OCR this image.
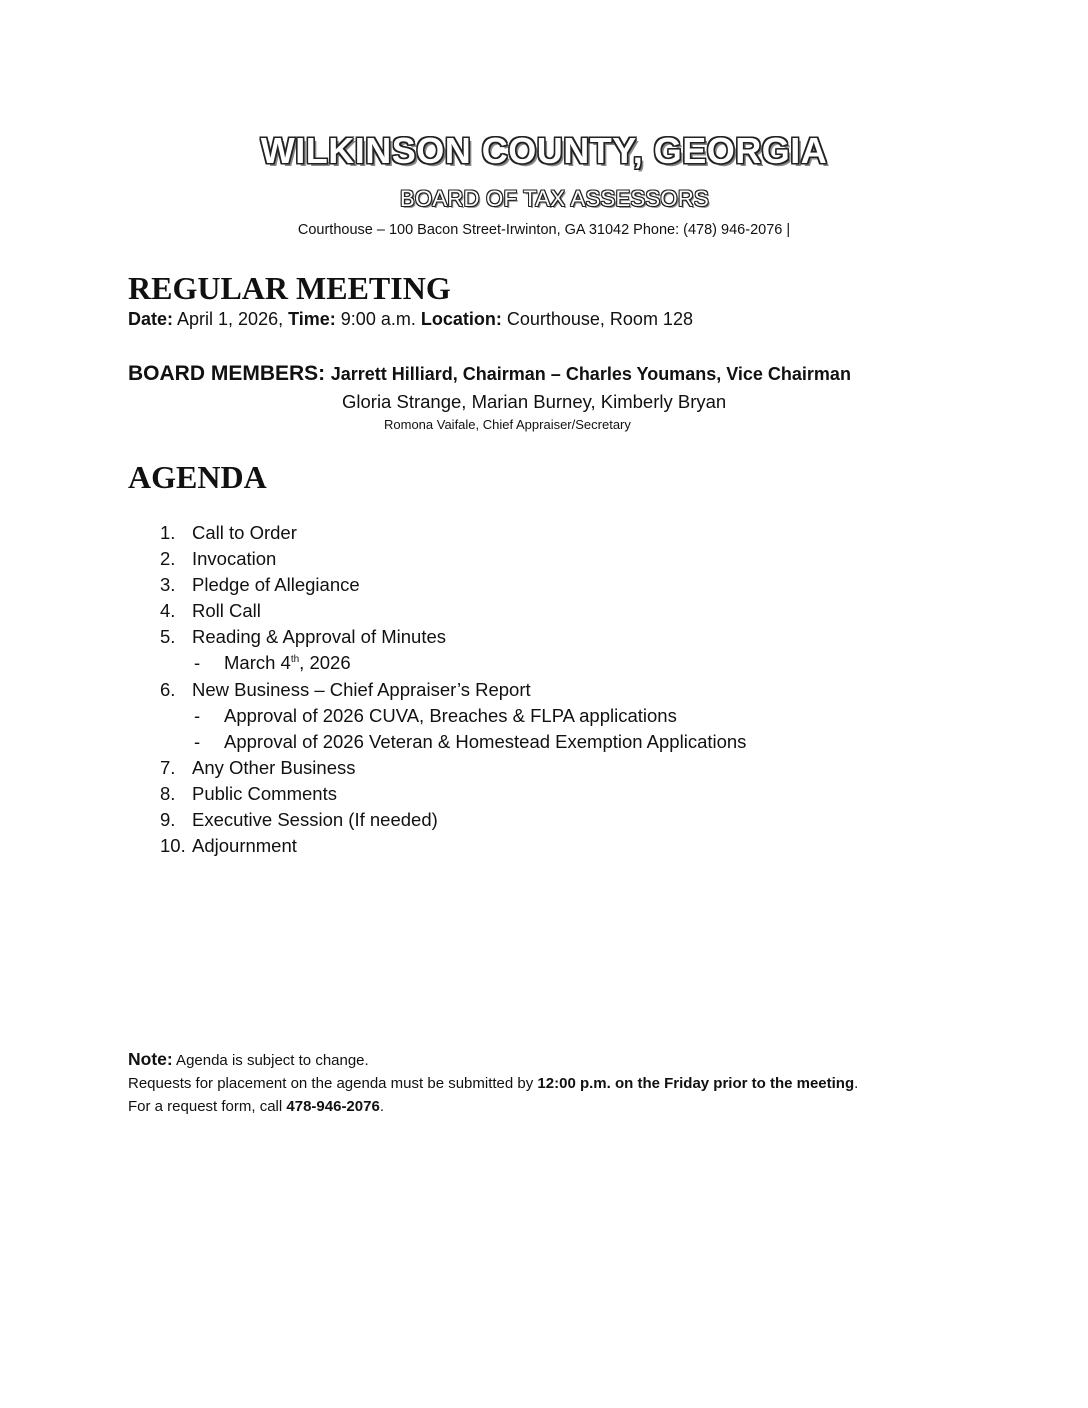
WILKINSON COUNTY, GEORGIA
BOARD OF TAX ASSESSORS
Courthouse – 100 Bacon Street-Irwinton, GA 31042 Phone: (478) 946-2076 |
REGULAR MEETING
Date: April 1, 2026, Time: 9:00 a.m. Location: Courthouse, Room 128
BOARD MEMBERS: Jarrett Hilliard, Chairman – Charles Youmans, Vice Chairman
Gloria Strange, Marian Burney, Kimberly Bryan
Romona Vaifale, Chief Appraiser/Secretary
AGENDA
1. Call to Order
2. Invocation
3. Pledge of Allegiance
4. Roll Call
5. Reading & Approval of Minutes
- March 4th, 2026
6. New Business – Chief Appraiser’s Report
- Approval of 2026 CUVA, Breaches & FLPA applications
- Approval of 2026 Veteran & Homestead Exemption Applications
7. Any Other Business
8. Public Comments
9. Executive Session (If needed)
10. Adjournment
Note: Agenda is subject to change.
Requests for placement on the agenda must be submitted by 12:00 p.m. on the Friday prior to the meeting.
For a request form, call 478-946-2076.
